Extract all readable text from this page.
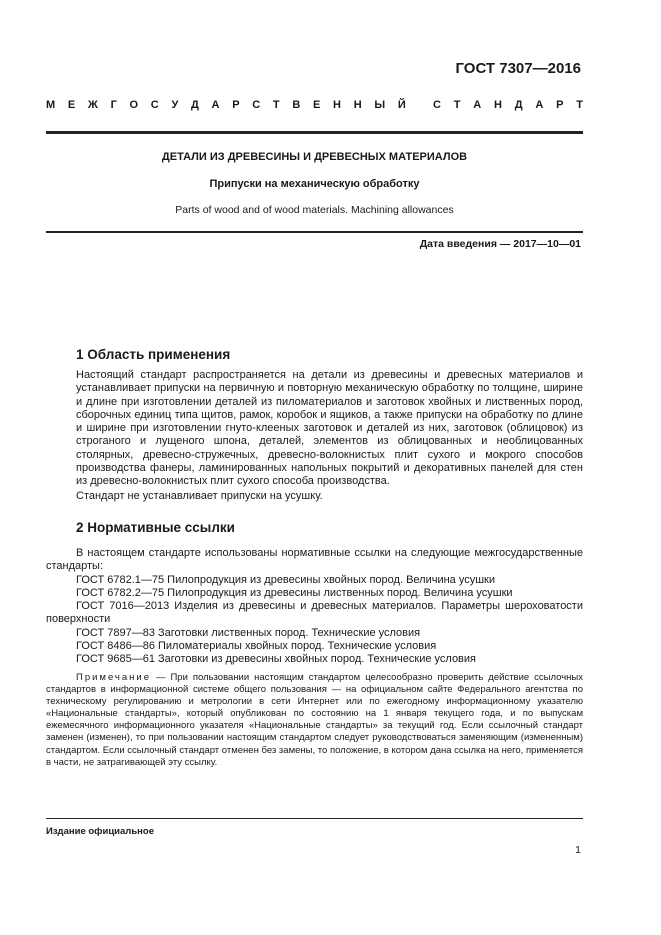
ГОСТ 7307—2016
М Е Ж Г О С У Д А Р С Т В Е Н Н Ы Й С Т А Н Д А Р Т
ДЕТАЛИ ИЗ ДРЕВЕСИНЫ И ДРЕВЕСНЫХ МАТЕРИАЛОВ
Припуски на механическую обработку
Parts of wood and of wood materials. Machining allowances
Дата введения — 2017—10—01
1 Область применения

Настоящий стандарт распространяется на детали из древесины и древесных материалов и устанавливает припуски на первичную и повторную механическую обработку по толщине, ширине и длине при изготовлении деталей из пиломатериалов и заготовок хвойных и лиственных пород, сборочных единиц типа щитов, рамок, коробок и ящиков, а также припуски на обработку по длине и ширине при изготовлении гнуто-клееных заготовок и деталей из них, заготовок (облицовок) из строганого и лущеного шпона, деталей, элементов из облицованных и необлицованных столярных, древесно-стружечных, древесно-волокнистых плит сухого и мокрого способов производства фанеры, ламинированных напольных покрытий и декоративных панелей для стен из древесно-волокнистых плит сухого способа производства.

Стандарт не устанавливает припуски на усушку.

2 Нормативные ссылки
В настоящем стандарте использованы нормативные ссылки на следующие межгосударственные стандарты:
ГОСТ 6782.1—75 Пилопродукция из древесины хвойных пород. Величина усушки
ГОСТ 6782.2—75 Пилопродукция из древесины лиственных пород. Величина усушки
ГОСТ 7016—2013 Изделия из древесины и древесных материалов. Параметры шероховатости поверхности
ГОСТ 7897—83 Заготовки лиственных пород. Технические условия
ГОСТ 8486—86 Пиломатериалы хвойных пород. Технические условия
ГОСТ 9685—61 Заготовки из древесины хвойных пород. Технические условия
Примечание — При пользовании настоящим стандартом целесообразно проверить действие ссылочных стандартов в информационной системе общего пользования — на официальном сайте Федерального агентства по техническому регулированию и метрологии в сети Интернет или по ежегодному информационному указателю «Национальные стандарты», который опубликован по состоянию на 1 января текущего года, и по выпускам ежемесячного информационного указателя «Национальные стандарты» за текущий год. Если ссылочный стандарт заменен (изменен), то при пользовании настоящим стандартом следует руководствоваться заменяющим (измененным) стандартом. Если ссылочный стандарт отменен без замены, то положение, в котором дана ссылка на него, применяется в части, не затрагивающей эту ссылку.
Издание официальное
1
